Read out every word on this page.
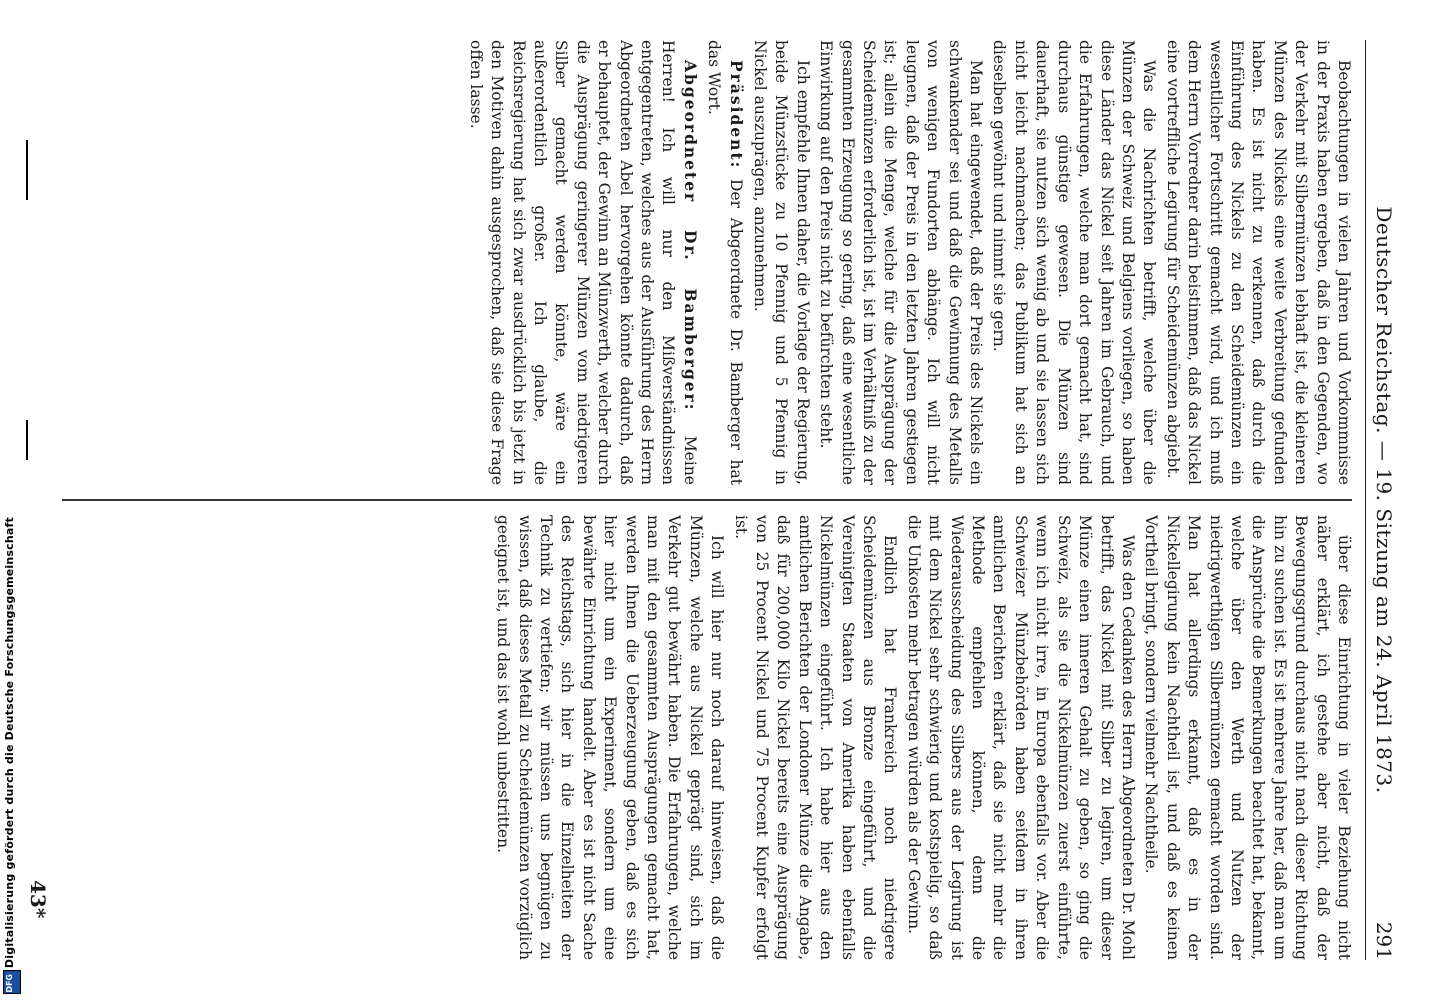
Deutscher Reichstag. — 19. Sitzung am 24. April 1873.
291

Beobachtungen in vielen Jahren und Vorkommnisse in der Praxis haben ergeben, daß in den Gegenden, wo der Verkehr mit Silbermünzen lebhaft ist, die kleineren Münzen des Nickels eine weite Verbreitung gefunden haben. Es ist nicht zu verkennen, daß durch die Einführung des Nickels zu den Scheidemünzen ein wesentlicher Fortschritt gemacht wird, und ich muß dem Herrn Vorredner darin beistimmen, daß das Nickel eine vortreffliche Legirung für Scheidemünzen abgiebt.

Was die Nachrichten betrifft, welche über die Münzen der Schweiz und Belgiens vorliegen, so haben diese Länder das Nickel seit Jahren im Gebrauch, und die Erfahrungen, welche man dort gemacht hat, sind durchaus günstige gewesen. Die Münzen sind dauerhaft, sie nutzen sich wenig ab und sie lassen sich nicht leicht nachmachen; das Publikum hat sich an dieselben gewöhnt und nimmt sie gern.

Man hat eingewendet, daß der Preis des Nickels ein schwankender sei und daß die Gewinnung des Metalls von wenigen Fundorten abhänge. Ich will nicht leugnen, daß der Preis in den letzten Jahren gestiegen ist; allein die Menge, welche für die Ausprägung der Scheidemünzen erforderlich ist, ist im Verhältniß zu der gesammten Erzeugung so gering, daß eine wesentliche Einwirkung auf den Preis nicht zu befürchten steht.

Ich empfehle Ihnen daher, die Vorlage der Regierung, beide Münzstücke zu 10 Pfennig und 5 Pfennig in Nickel auszuprägen, anzunehmen.

Präsident: Der Abgeordnete Dr. Bamberger hat das Wort.

Abgeordneter Dr. Bamberger: Meine Herren! Ich will nur den Mißverständnissen entgegentreten, welches aus der Ausführung des Herrn Abgeordneten Abel hervorgehen könnte dadurch, daß er behauptet, der Gewinn an Münzwerth, welcher durch die Ausprägung geringerer Münzen vom niedrigeren Silber gemacht werden könnte, wäre ein außerordentlich großer. Ich glaube, die Reichsregierung hat sich zwar ausdrücklich bis jetzt in den Motiven dahin ausgesprochen, daß sie diese Frage offen lasse.

über diese Einrichtung in vieler Beziehung nicht näher erklärt, ich gestehe aber nicht, daß der Bewegungsgrund durchaus nicht nach dieser Richtung hin zu suchen ist. Es ist mehrere Jahre her, daß man um die Ansprüche die Bemerkungen beachtet hat, bekannt, welche über den Werth und Nutzen der niedrigwerthigen Silbermünzen gemacht worden sind. Man hat allerdings erkannt, daß es in der Nickellegirung kein Nachtheil ist, und daß es keinen Vortheil bringt, sondern vielmehr Nachtheile.

Was den Gedanken des Herrn Abgeordneten Dr. Mohl betrifft, das Nickel mit Silber zu legiren, um dieser Münze einen inneren Gehalt zu geben, so ging die Schweiz, als sie die Nickelmünzen zuerst einführte, wenn ich nicht irre, in Europa ebenfalls vor. Aber die Schweizer Münzbehörden haben seitdem in ihren amtlichen Berichten erklärt, daß sie nicht mehr die Methode empfehlen können, denn die Wiederausscheidung des Silbers aus der Legirung ist mit dem Nickel sehr schwierig und kostspielig, so daß die Unkosten mehr betragen würden als der Gewinn.

Endlich hat Frankreich noch niedrigere Scheidemünzen aus Bronze eingeführt, und die Vereinigten Staaten von Amerika haben ebenfalls Nickelmünzen eingeführt. Ich habe hier aus den amtlichen Berichten der Londoner Münze die Angabe, daß für 200,000 Kilo Nickel bereits eine Ausprägung von 25 Procent Nickel und 75 Procent Kupfer erfolgt ist.

Ich will hier nur noch darauf hinweisen, daß die Münzen, welche aus Nickel geprägt sind, sich im Verkehr gut bewährt haben. Die Erfahrungen, welche man mit den gesammten Ausprägungen gemacht hat, werden Ihnen die Ueberzeugung geben, daß es sich hier nicht um ein Experiment, sondern um eine bewährte Einrichtung handelt. Aber es ist nicht Sache des Reichstags, sich hier in die Einzelheiten der Technik zu vertiefen; wir müssen uns begnügen zu wissen, daß dieses Metall zu Scheidemünzen vorzüglich geeignet ist, und das ist wohl unbestritten.

43*
Digitalisierung gefördert durch die Deutsche Forschungsgemeinschaft
DFG
